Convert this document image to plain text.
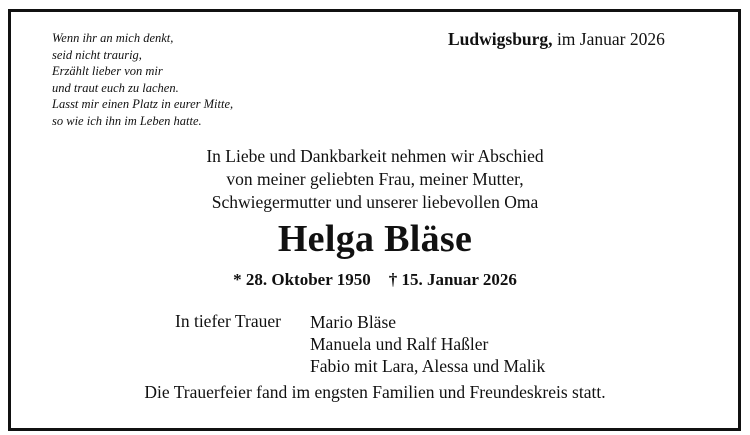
Wenn ihr an mich denkt,
seid nicht traurig,
Erzählt lieber von mir
und traut euch zu lachen.
Lasst mir einen Platz in eurer Mitte,
so wie ich ihn im Leben hatte.
Ludwigsburg, im Januar 2026
In Liebe und Dankbarkeit nehmen wir Abschied
von meiner geliebten Frau, meiner Mutter,
Schwiegermutter und unserer liebevollen Oma
Helga Bläse
* 28. Oktober 1950 † 15. Januar 2026
In tiefer Trauer Mario Bläse
Manuela und Ralf Haßler
Fabio mit Lara, Alessa und Malik
Die Trauerfeier fand im engsten Familien und Freundeskreis statt.
